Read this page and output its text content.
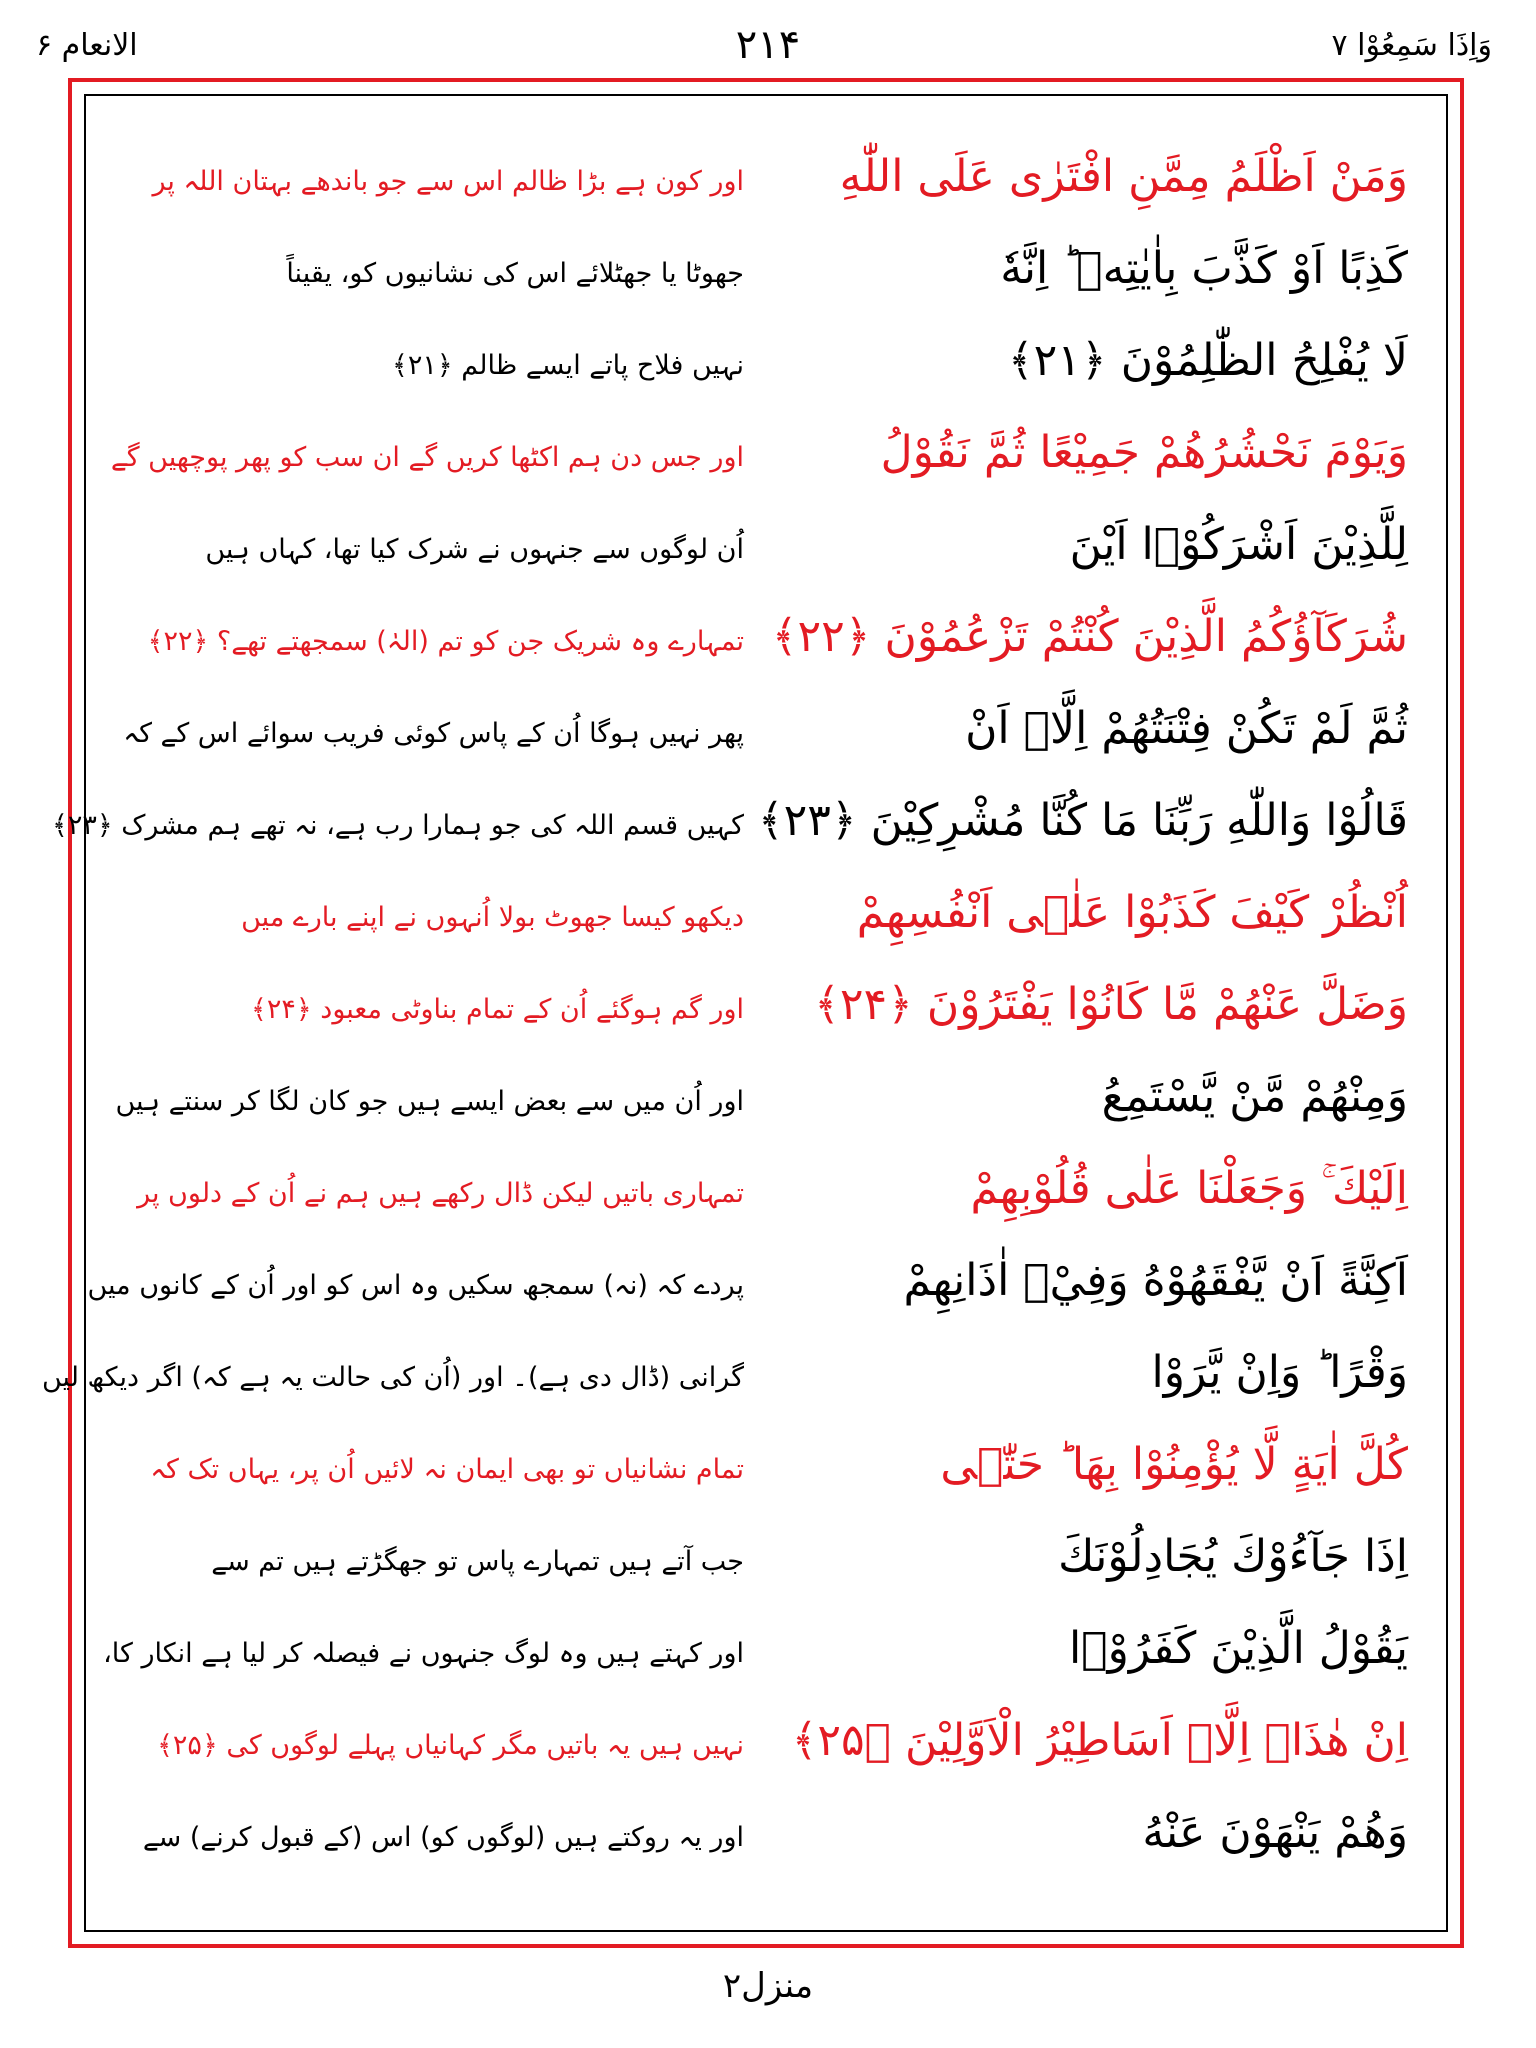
وَاِذَا سَمِعُوْا ۷
۲۱۴
الانعام ۶
وَمَنْ اَظْلَمُ مِمَّنِ افْتَرٰی عَلَی اللّٰهِ
اور کون ہے بڑا ظالم اس سے جو باندھے بہتان اللہ پر
كَذِبًا اَوْ كَذَّبَ بِاٰيٰتِهٖ ؕ اِنَّهٗ
جھوٹا یا جھٹلائے اس کی نشانیوں کو، یقیناً
لَا يُفْلِحُ الظّٰلِمُوْنَ ﴿۲۱﴾
نہیں فلاح پاتے ایسے ظالم ﴿۲۱﴾
وَيَوْمَ نَحْشُرُهُمْ جَمِيْعًا ثُمَّ نَقُوْلُ
اور جس دن ہم اکٹھا کریں گے ان سب کو پھر پوچھیں گے
لِلَّذِيْنَ اَشْرَكُوْۤا اَيْنَ
اُن لوگوں سے جنہوں نے شرک کیا تھا، کہاں ہیں
شُرَكَآؤُكُمُ الَّذِيْنَ كُنْتُمْ تَزْعُمُوْنَ ﴿۲۲﴾
تمہارے وہ شریک جن کو تم (الہٰ) سمجھتے تھے؟ ﴿۲۲﴾
ثُمَّ لَمْ تَكُنْ فِتْنَتُهُمْ اِلَّاۤ اَنْ
پھر نہیں ہوگا اُن کے پاس کوئی فریب سوائے اس کے کہ
قَالُوْا وَاللّٰهِ رَبِّنَا مَا كُنَّا مُشْرِكِيْنَ ﴿۲۳﴾
کہیں قسم اللہ کی جو ہمارا رب ہے، نہ تھے ہم مشرک ﴿۲۳﴾
اُنْظُرْ كَيْفَ كَذَبُوْا عَلٰۤی اَنْفُسِهِمْ
دیکھو کیسا جھوٹ بولا اُنہوں نے اپنے بارے میں
وَضَلَّ عَنْهُمْ مَّا كَانُوْا يَفْتَرُوْنَ ﴿۲۴﴾
اور گم ہوگئے اُن کے تمام بناوٹی معبود ﴿۲۴﴾
وَمِنْهُمْ مَّنْ يَّسْتَمِعُ
اور اُن میں سے بعض ایسے ہیں جو کان لگا کر سنتے ہیں
اِلَيْكَ ۚ وَجَعَلْنَا عَلٰی قُلُوْبِهِمْ
تمہاری باتیں لیکن ڈال رکھے ہیں ہم نے اُن کے دلوں پر
اَكِنَّةً اَنْ يَّفْقَهُوْهُ وَفِيْۤ اٰذَانِهِمْ
پردے کہ (نہ) سمجھ سکیں وہ اس کو اور اُن کے کانوں میں
وَقْرًا ؕ وَاِنْ يَّرَوْا
گرانی (ڈال دی ہے)۔ اور (اُن کی حالت یہ ہے کہ) اگر دیکھ لیں
كُلَّ اٰيَةٍ لَّا يُؤْمِنُوْا بِهَا ؕ حَتّٰۤی
تمام نشانیاں تو بھی ایمان نہ لائیں اُن پر، یہاں تک کہ
اِذَا جَآءُوْكَ يُجَادِلُوْنَكَ
جب آتے ہیں تمہارے پاس تو جھگڑتے ہیں تم سے
يَقُوْلُ الَّذِيْنَ كَفَرُوْۤا
اور کہتے ہیں وہ لوگ جنہوں نے فیصلہ کر لیا ہے انکار کا،
اِنْ هٰذَاۤ اِلَّاۤ اَسَاطِيْرُ الْاَوَّلِيْنَ ﴿۲۵﴾
نہیں ہیں یہ باتیں مگر کہانیاں پہلے لوگوں کی ﴿۲۵﴾
وَهُمْ يَنْهَوْنَ عَنْهُ
اور یہ روکتے ہیں (لوگوں کو) اس (کے قبول کرنے) سے
منزل۲
